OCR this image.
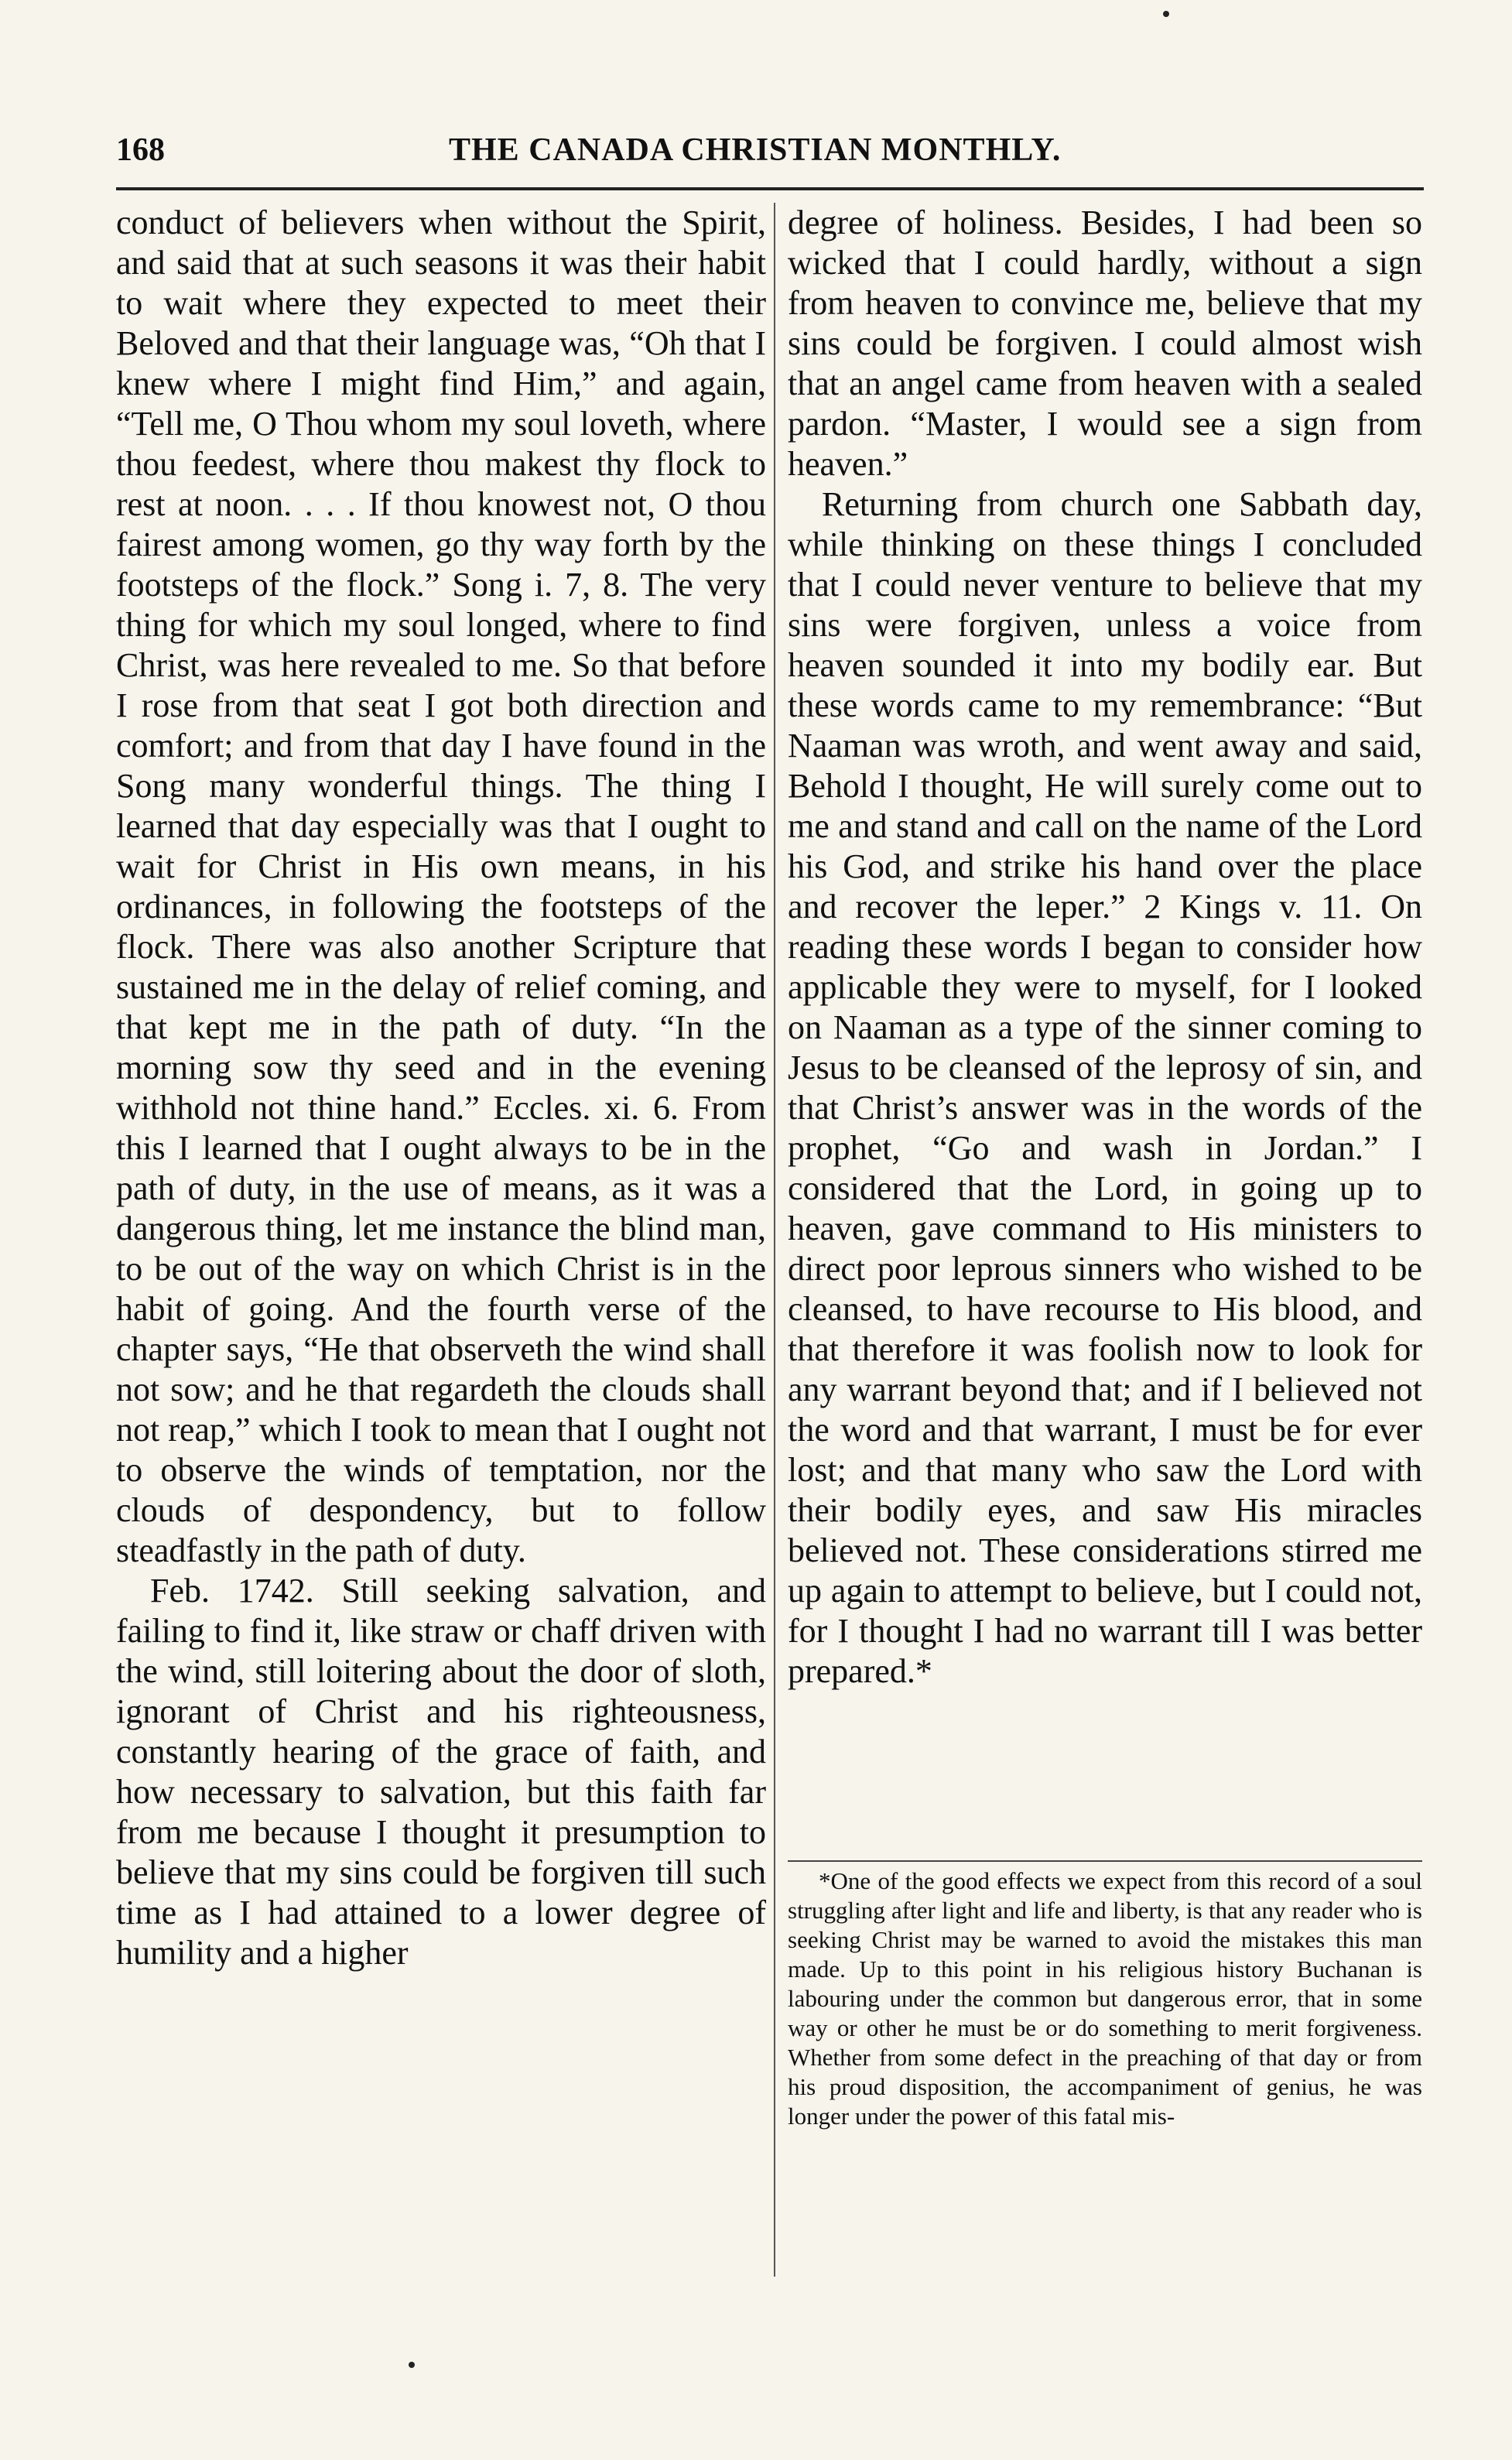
168	THE CANADA CHRISTIAN MONTHLY.

conduct of believers when without the Spirit, and said that at such seasons it was their habit to wait where they expected to meet their Beloved and that their language was, “Oh that I knew where I might find Him,” and again, “Tell me, O Thou whom my soul loveth, where thou feedest, where thou makest thy flock to rest at noon. . . . If thou knowest not, O thou fairest among women, go thy way forth by the footsteps of the flock.” Song i. 7, 8. The very thing for which my soul longed, where to find Christ, was here revealed to me. So that before I rose from that seat I got both direction and comfort; and from that day I have found in the Song many wonderful things. The thing I learned that day especially was that I ought to wait for Christ in His own means, in his ordinances, in following the footsteps of the flock. There was also another Scripture that sustained me in the delay of relief coming, and that kept me in the path of duty. “In the morning sow thy seed and in the evening withhold not thine hand.” Eccles. xi. 6. From this I learned that I ought always to be in the path of duty, in the use of means, as it was a dangerous thing, let me instance the blind man, to be out of the way on which Christ is in the habit of going. And the fourth verse of the chapter says, “He that observeth the wind shall not sow; and he that regardeth the clouds shall not reap,” which I took to mean that I ought not to observe the winds of temptation, nor the clouds of despondency, but to follow steadfastly in the path of duty.

Feb. 1742. Still seeking salvation, and failing to find it, like straw or chaff driven with the wind, still loitering about the door of sloth, ignorant of Christ and his righteousness, constantly hearing of the grace of faith, and how necessary to salvation, but this faith far from me because I thought it presumption to believe that my sins could be forgiven till such time as I had attained to a lower degree of humility and a higher

degree of holiness. Besides, I had been so wicked that I could hardly, without a sign from heaven to convince me, believe that my sins could be forgiven. I could almost wish that an angel came from heaven with a sealed pardon. “Master, I would see a sign from heaven.”

Returning from church one Sabbath day, while thinking on these things I concluded that I could never venture to believe that my sins were forgiven, unless a voice from heaven sounded it into my bodily ear. But these words came to my remembrance: “But Naaman was wroth, and went away and said, Behold I thought, He will surely come out to me and stand and call on the name of the Lord his God, and strike his hand over the place and recover the leper.” 2 Kings v. 11. On reading these words I began to consider how applicable they were to myself, for I looked on Naaman as a type of the sinner coming to Jesus to be cleansed of the leprosy of sin, and that Christ’s answer was in the words of the prophet, “Go and wash in Jordan.” I considered that the Lord, in going up to heaven, gave command to His ministers to direct poor leprous sinners who wished to be cleansed, to have recourse to His blood, and that therefore it was foolish now to look for any warrant beyond that; and if I believed not the word and that warrant, I must be for ever lost; and that many who saw the Lord with their bodily eyes, and saw His miracles believed not. These considerations stirred me up again to attempt to believe, but I could not, for I thought I had no warrant till I was better prepared.*

*One of the good effects we expect from this record of a soul struggling after light and life and liberty, is that any reader who is seeking Christ may be warned to avoid the mistakes this man made. Up to this point in his religious history Buchanan is labouring under the common but dangerous error, that in some way or other he must be or do something to merit forgiveness. Whether from some defect in the preaching of that day or from his proud disposition, the accompaniment of genius, he was longer under the power of this fatal mis-
